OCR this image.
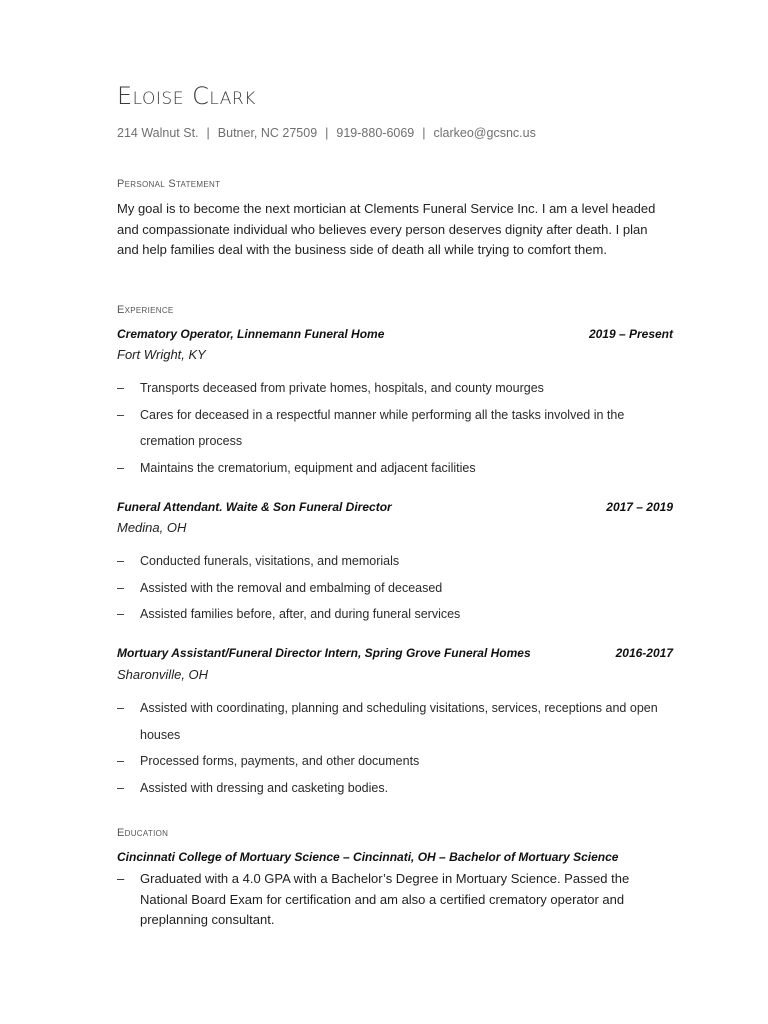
Eloise Clark
214 Walnut St. | Butner, NC 27509 | 919-880-6069 | clarkeo@gcsnc.us
Personal Statement
My goal is to become the next mortician at Clements Funeral Service Inc. I am a level headed and compassionate individual who believes every person deserves dignity after death. I plan and help families deal with the business side of death all while trying to comfort them.
Experience
Crematory Operator, Linnemann Funeral Home	2019 – Present
Fort Wright, KY
– Transports deceased from private homes, hospitals, and county mourges
– Cares for deceased in a respectful manner while performing all the tasks involved in the cremation process
– Maintains the crematorium, equipment and adjacent facilities
Funeral Attendant. Waite & Son Funeral Director	2017 – 2019
Medina, OH
– Conducted funerals, visitations, and memorials
– Assisted with the removal and embalming of deceased
– Assisted families before, after, and during funeral services
Mortuary Assistant/Funeral Director Intern, Spring Grove Funeral Homes	2016-2017
Sharonville, OH
– Assisted with coordinating, planning and scheduling visitations, services, receptions and open houses
– Processed forms, payments, and other documents
– Assisted with dressing and casketing bodies.
Education
Cincinnati College of Mortuary Science – Cincinnati, OH – Bachelor of Mortuary Science
– Graduated with a 4.0 GPA with a Bachelor’s Degree in Mortuary Science. Passed the National Board Exam for certification and am also a certified crematory operator and preplanning consultant.
